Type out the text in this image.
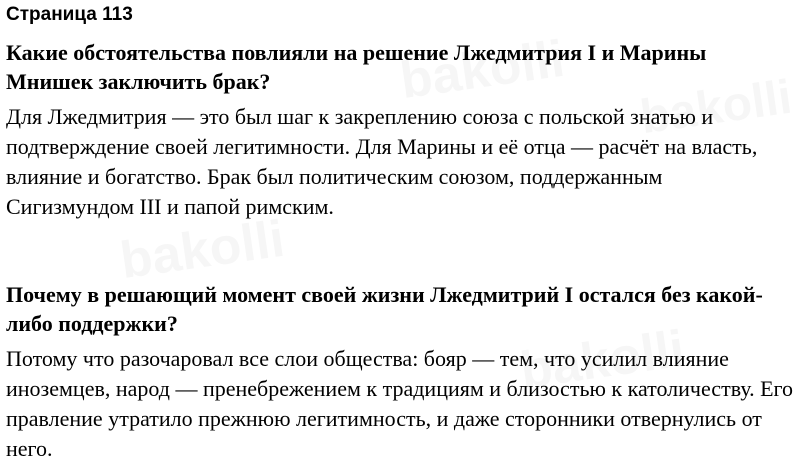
Страница 113

Какие обстоятельства повлияли на решение Лжедмитрия I и Марины Мнишек заключить брак?

Для Лжедмитрия — это был шаг к закреплению союза с польской знатью и подтверждение своей легитимности. Для Марины и её отца — расчёт на власть, влияние и богатство. Брак был политическим союзом, поддержанным Сигизмундом III и папой римским.

Почему в решающий момент своей жизни Лжедмитрий I остался без какой-либо поддержки?

Потому что разочаровал все слои общества: бояр — тем, что усилил влияние иноземцев, народ — пренебрежением к традициям и близостью к католичеству. Его правление утратило прежнюю легитимность, и даже сторонники отвернулись от него.
